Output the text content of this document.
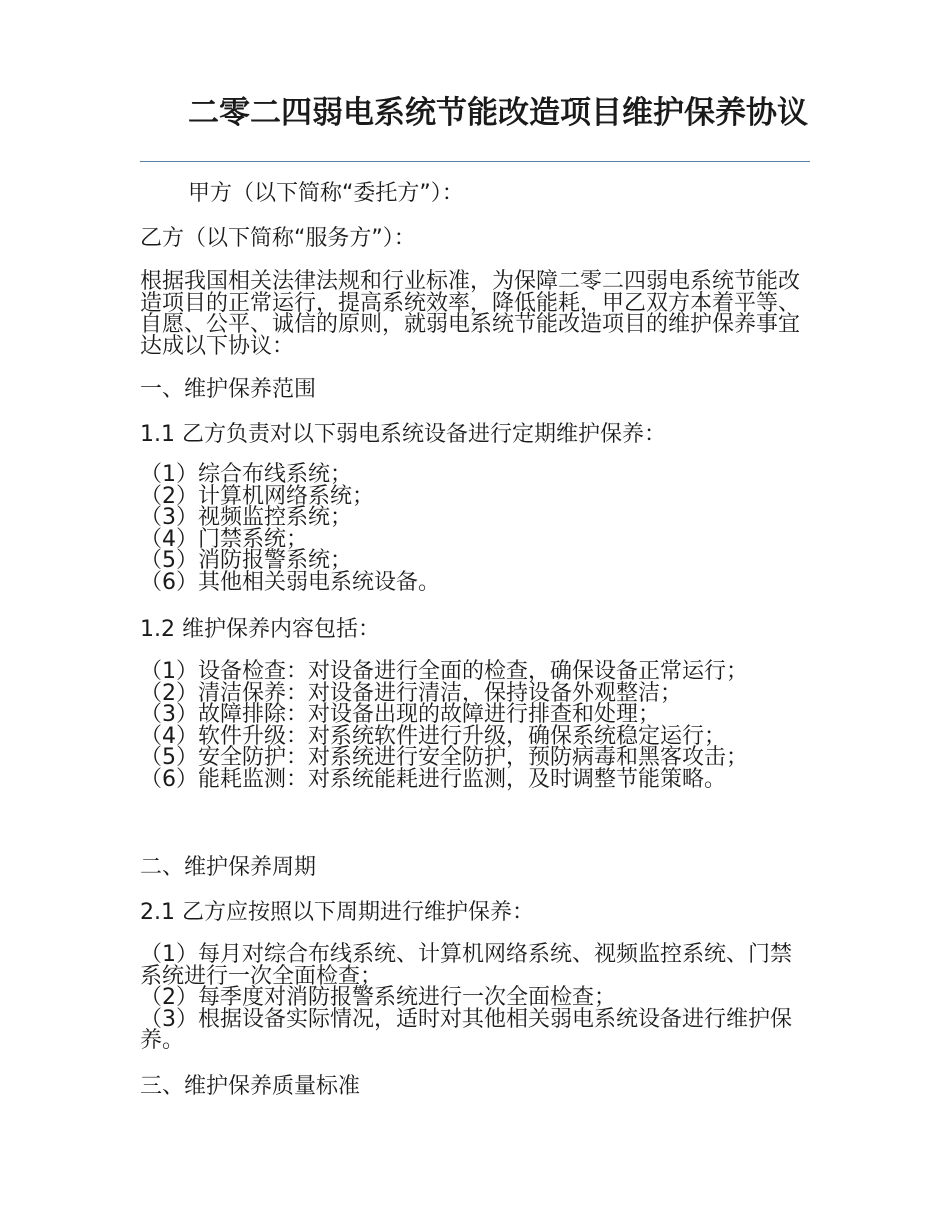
二零二四弱电系统节能改造项目维护保养协议

甲方（以下简称“委托方”）：

乙方（以下简称“服务方”）：

根据我国相关法律法规和行业标准，为保障二零二四弱电系统节能改造项目的正常运行，提高系统效率，降低能耗，甲乙双方本着平等、自愿、公平、诚信的原则，就弱电系统节能改造项目的维护保养事宜达成以下协议：

一、维护保养范围

1.1 乙方负责对以下弱电系统设备进行定期维护保养：

（1）综合布线系统；
（2）计算机网络系统；
（3）视频监控系统；
（4）门禁系统；
（5）消防报警系统；
（6）其他相关弱电系统设备。

1.2 维护保养内容包括：

（1）设备检查：对设备进行全面的检查，确保设备正常运行；
（2）清洁保养：对设备进行清洁，保持设备外观整洁；
（3）故障排除：对设备出现的故障进行排查和处理；
（4）软件升级：对系统软件进行升级，确保系统稳定运行；
（5）安全防护：对系统进行安全防护，预防病毒和黑客攻击；
（6）能耗监测：对系统能耗进行监测，及时调整节能策略。

二、维护保养周期

2.1 乙方应按照以下周期进行维护保养：

（1）每月对综合布线系统、计算机网络系统、视频监控系统、门禁系统进行一次全面检查；
（2）每季度对消防报警系统进行一次全面检查；
（3）根据设备实际情况，适时对其他相关弱电系统设备进行维护保养。

三、维护保养质量标准
